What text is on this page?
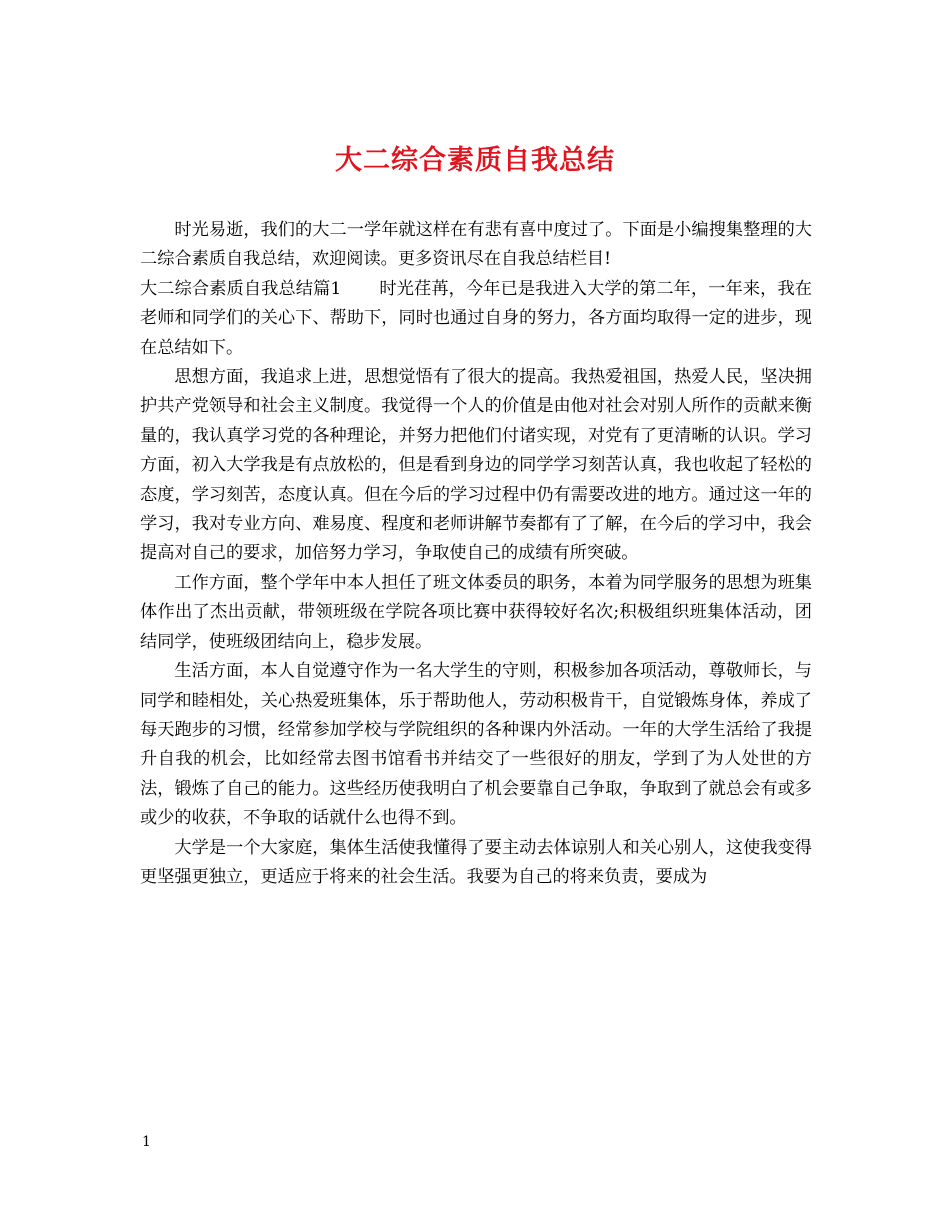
大二综合素质自我总结

时光易逝，我们的大二一学年就这样在有悲有喜中度过了。下面是小编搜集整理的大二综合素质自我总结，欢迎阅读。更多资讯尽在自我总结栏目!

大二综合素质自我总结篇1 时光荏苒，今年已是我进入大学的第二年，一年来，我在老师和同学们的关心下、帮助下，同时也通过自身的努力，各方面均取得一定的进步，现在总结如下。

思想方面，我追求上进，思想觉悟有了很大的提高。我热爱祖国，热爱人民，坚决拥护共产党领导和社会主义制度。我觉得一个人的价值是由他对社会对别人所作的贡献来衡量的，我认真学习党的各种理论，并努力把他们付诸实现，对党有了更清晰的认识。学习方面，初入大学我是有点放松的，但是看到身边的同学学习刻苦认真，我也收起了轻松的态度，学习刻苦，态度认真。但在今后的学习过程中仍有需要改进的地方。通过这一年的学习，我对专业方向、难易度、程度和老师讲解节奏都有了了解，在今后的学习中，我会提高对自己的要求，加倍努力学习，争取使自己的成绩有所突破。

工作方面，整个学年中本人担任了班文体委员的职务，本着为同学服务的思想为班集体作出了杰出贡献，带领班级在学院各项比赛中获得较好名次;积极组织班集体活动，团结同学，使班级团结向上，稳步发展。

生活方面，本人自觉遵守作为一名大学生的守则，积极参加各项活动，尊敬师长，与同学和睦相处，关心热爱班集体，乐于帮助他人，劳动积极肯干，自觉锻炼身体，养成了每天跑步的习惯，经常参加学校与学院组织的各种课内外活动。一年的大学生活给了我提升自我的机会，比如经常去图书馆看书并结交了一些很好的朋友，学到了为人处世的方法，锻炼了自己的能力。这些经历使我明白了机会要靠自己争取，争取到了就总会有或多或少的收获，不争取的话就什么也得不到。

大学是一个大家庭，集体生活使我懂得了要主动去体谅别人和关心别人，这使我变得更坚强更独立，更适应于将来的社会生活。我要为自己的将来负责，要成为

1
